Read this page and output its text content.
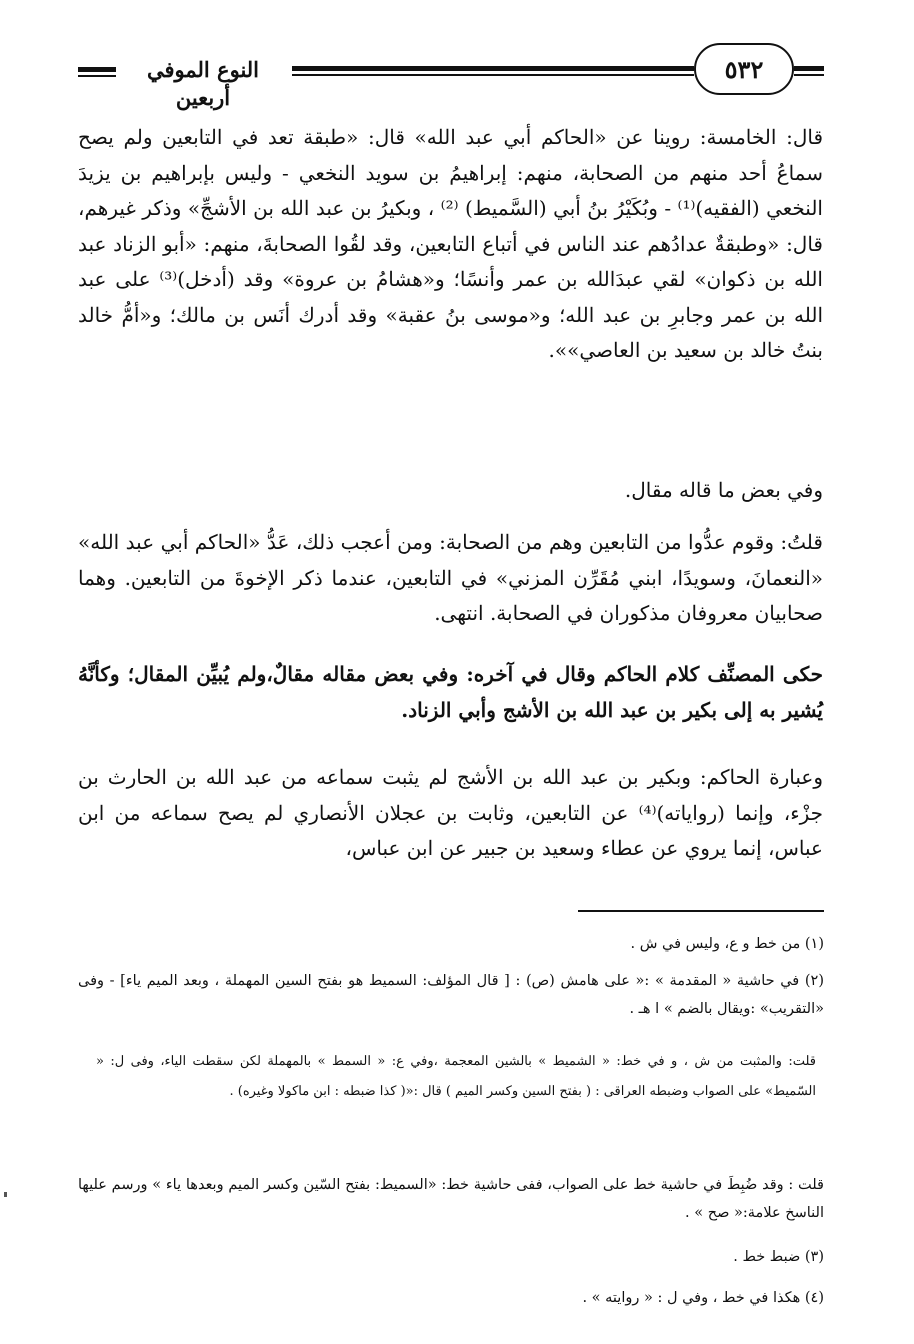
النوع الموفي أربعين
٥٣٢
قال: الخامسة: روينا عن «الحاكم أبي عبد الله» قال: «طبقة تعد في التابعين ولم يصح سماعُ أحد منهم من الصحابة، منهم: إبراهيمُ بن سويد النخعي - وليس بإبراهيم بن يزيدَ النخعي (الفقيه)⁽¹⁾ - وبُكَيْرُ بنُ أبي (السَّميط) ⁽²⁾ ، وبكيرُ بن عبد الله بن الأشجِّ» وذكر غيرهم، قال: «وطبقةٌ عدادُهم عند الناس في أتباع التابعين، وقد لقُوا الصحابةَ، منهم: «أبو الزناد عبد الله بن ذكوان» لقي عبدَالله بن عمر وأنسًا؛ و«هشامُ بن عروة» وقد (أدخل)⁽³⁾ على عبد الله بن عمر وجابرِ بن عبد الله؛ و«موسى بنُ عقبة» وقد أدرك أنَس بن مالك؛ و«أمُّ خالد بنتُ خالد بن سعيد بن العاصي»».
وفي بعض ما قاله مقال.
قلتُ: وقوم عدُّوا من التابعين وهم من الصحابة: ومن أعجب ذلك، عَدُّ «الحاكم أبي عبد الله» «النعمانَ، وسويدًا، ابني مُقَرِّن المزني» في التابعين، عندما ذكر الإخوةَ من التابعين. وهما صحابيان معروفان مذكوران في الصحابة. انتهى.
حكى المصنِّف كلام الحاكم وقال في آخره: وفي بعض مقاله مقالٌ،ولم يُبيِّن المقال؛ وكأنَّهُ يُشير به إلى بكير بن عبد الله بن الأشج وأبي الزناد.
وعبارة الحاكم: وبكير بن عبد الله بن الأشج لم يثبت سماعه من عبد الله بن الحارث بن جزْء، وإنما (رواياته)⁽⁴⁾ عن التابعين، وثابت بن عجلان الأنصاري لم يصح سماعه من ابن عباس، إنما يروي عن عطاء وسعيد بن جبير عن ابن عباس،
(١) من خط و ع، وليس في ش .
(٢) في حاشية « المقدمة » :« على هامش (ص) : [ قال المؤلف: السميط هو بفتح السين المهملة ، وبعد الميم ياء] - وفى «التقريب» :ويقال بالضم » ا هـ .
قلت: والمثبت من ش ، و في خط: « الشميط » بالشين المعجمة ،وفي ع: « السمط » بالمهملة لكن سقطت الياء، وفى ل: « السّميط» على الصواب وضبطه العراقى : ( بفتح السين وكسر الميم ) قال :«( كذا ضبطه : ابن ماكولا وغيره) .
قلت : وقد ضُبِطَ في حاشية خط على الصواب، ففى حاشية خط: «السميط: بفتح السّين وكسر الميم وبعدها ياء » ورسم عليها الناسخ علامة:« صح » .
(٣) ضبط خط .
(٤) هكذا في خط ، وفي ل : « روايته » .
